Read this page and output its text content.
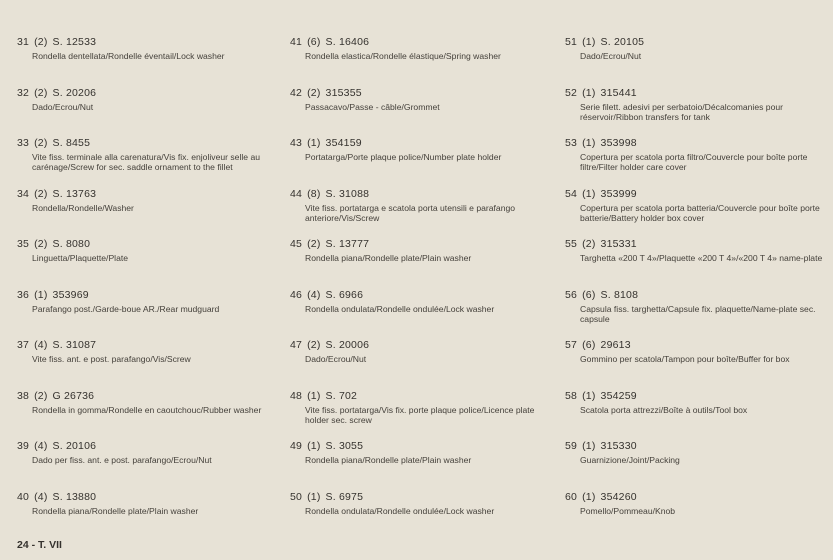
31 (2) S. 12533
Rondella dentellata/Rondelle éventail/Lock washer
32 (2) S. 20206
Dado/Ecrou/Nut
33 (2) S. 8455
Vite fiss. terminale alla carenatura/Vis fix. enjoliveur selle au carénage/Screw for sec. saddle ornament to the fillet
34 (2) S. 13763
Rondella/Rondelle/Washer
35 (2) S. 8080
Linguetta/Plaquette/Plate
36 (1) 353969
Parafango post./Garde-boue AR./Rear mudguard
37 (4) S. 31087
Vite fiss. ant. e post. parafango/Vis/Screw
38 (2) G 26736
Rondella in gomma/Rondelle en caoutchouc/Rubber washer
39 (4) S. 20106
Dado per fiss. ant. e post. parafango/Ecrou/Nut
40 (4) S. 13880
Rondella piana/Rondelle plate/Plain washer
41 (6) S. 16406
Rondella elastica/Rondelle élastique/Spring washer
42 (2) 315355
Passacavo/Passe - câble/Grommet
43 (1) 354159
Portatarga/Porte plaque police/Number plate holder
44 (8) S. 31088
Vite fiss. portatarga e scatola porta utensili e parafango anteriore/Vis/Screw
45 (2) S. 13777
Rondella piana/Rondelle plate/Plain washer
46 (4) S. 6966
Rondella ondulata/Rondelle ondulée/Lock washer
47 (2) S. 20006
Dado/Ecrou/Nut
48 (1) S. 702
Vite fiss. portatarga/Vis fix. porte plaque police/Licence plate holder sec. screw
49 (1) S. 3055
Rondella piana/Rondelle plate/Plain washer
50 (1) S. 6975
Rondella ondulata/Rondelle ondulée/Lock washer
51 (1) S. 20105
Dado/Ecrou/Nut
52 (1) 315441
Serie filett. adesivi per serbatoio/Décalcomanies pour réservoir/Ribbon transfers for tank
53 (1) 353998
Copertura per scatola porta filtro/Couvercle pour boîte porte filtre/Filter holder care cover
54 (1) 353999
Copertura per scatola porta batteria/Couvercle pour boîte porte batterie/Battery holder box cover
55 (2) 315331
Targhetta «200 T 4»/Plaquette «200 T 4»/«200 T 4» name-plate
56 (6) S. 8108
Capsula fiss. targhetta/Capsule fix. plaquette/Name-plate sec. capsule
57 (6) 29613
Gommino per scatola/Tampon pour boîte/Buffer for box
58 (1) 354259
Scatola porta attrezzi/Boîte à outils/Tool box
59 (1) 315330
Guarnizione/Joint/Packing
60 (1) 354260
Pomello/Pommeau/Knob
24 - T. VII
